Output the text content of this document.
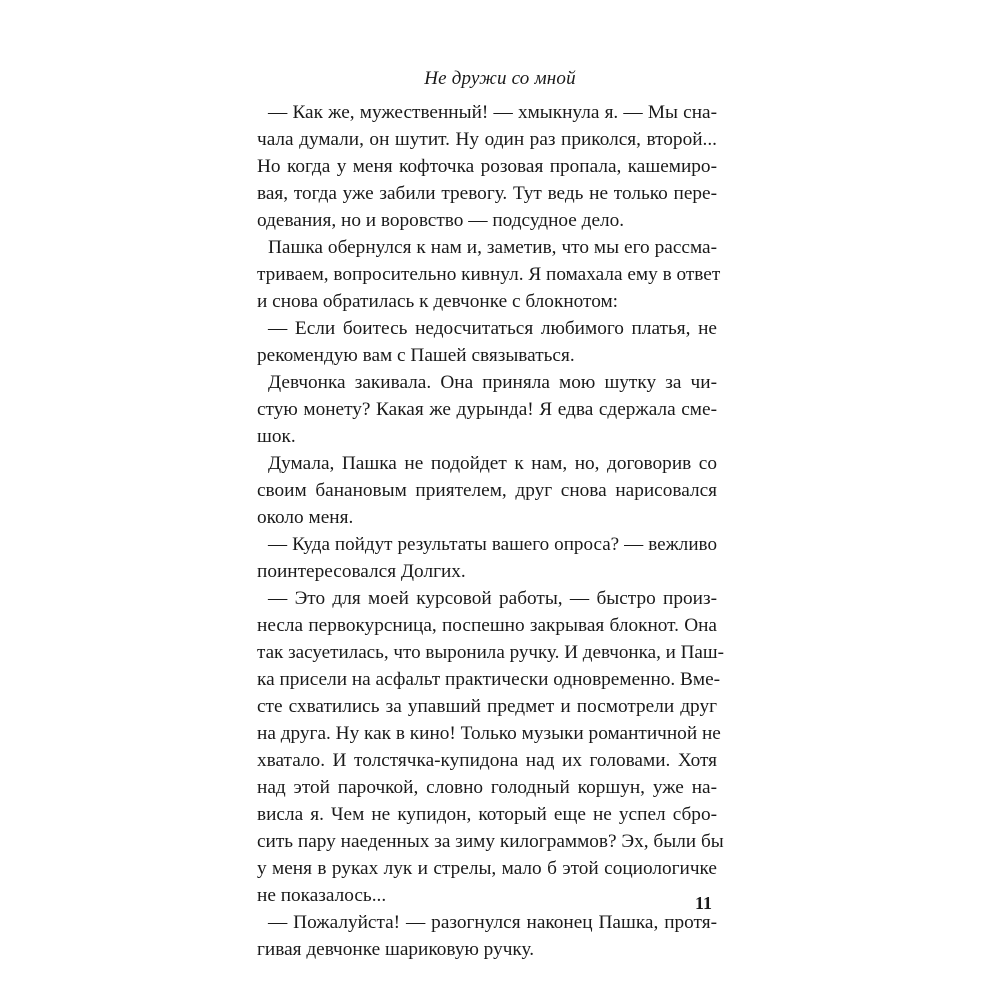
Не дружи со мной
— Как же, мужественный! — хмыкнула я. — Мы сна-
чала думали, он шутит. Ну один раз приколся, второй...
Но когда у меня кофточка розовая пропала, кашемиро-
вая, тогда уже забили тревогу. Тут ведь не только пере-
одевания, но и воровство — подсудное дело.
Пашка обернулся к нам и, заметив, что мы его рассма-
триваем, вопросительно кивнул. Я помахала ему в ответ
и снова обратилась к девчонке с блокнотом:
— Если боитесь недосчитаться любимого платья, не
рекомендую вам с Пашей связываться.
Девчонка закивала. Она приняла мою шутку за чи-
стую монету? Какая же дурында! Я едва сдержала сме-
шок.
Думала, Пашка не подойдет к нам, но, договорив со
своим банановым приятелем, друг снова нарисовался
около меня.
— Куда пойдут результаты вашего опроса? — вежливо
поинтересовался Долгих.
— Это для моей курсовой работы, — быстро произ-
несла первокурсница, поспешно закрывая блокнот. Она
так засуетилась, что выронила ручку. И девчонка, и Паш-
ка присели на асфальт практически одновременно. Вме-
сте схватились за упавший предмет и посмотрели друг
на друга. Ну как в кино! Только музыки романтичной не
хватало. И толстячка-купидона над их головами. Хотя
над этой парочкой, словно голодный коршун, уже на-
висла я. Чем не купидон, который еще не успел сбро-
сить пару наеденных за зиму килограммов? Эх, были бы
у меня в руках лук и стрелы, мало б этой социологичке
не показалось...
— Пожалуйста! — разогнулся наконец Пашка, протя-
гивая девчонке шариковую ручку.
11
